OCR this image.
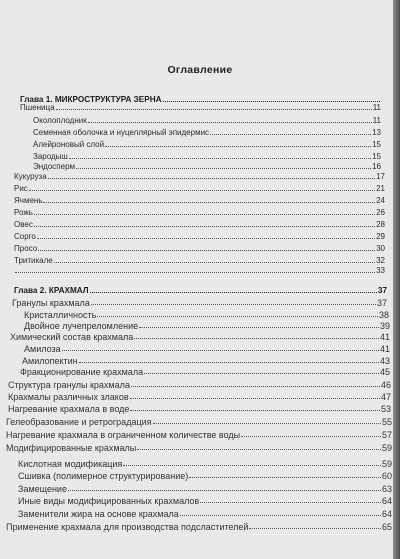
Оглавление
Глава 1. МИКРОСТРУКТУРА ЗЕРНА
Пшеница	11
Околоплодник	11
Семенная оболочка и нуцеллярный эпидермис	13
Алейроновый слой	15
Зародыш	15
Эндосперм	16
Кукуруза	17
Рис	21
Ячмень	24
Рожь	26
Овес	28
Сорго	29
Просо	30
Тритикале	32
33
Глава 2. КРАХМАЛ	37
Гранулы крахмала	37
Кристалличность	38
Двойное лучепреломление	39
Химический состав крахмала	41
Амилоза	41
Амилопектин	43
Фракционирование крахмала	45
Структура гранулы крахмала	46
Крахмалы различных злаков	47
Нагревание крахмала в воде	53
Гелеобразование и ретроградация	55
Нагревание крахмала в ограниченном количестве воды	57
Модифицированные крахмалы	59
Кислотная модификация	59
Сшивка (полимерное структурирование)	60
Замещение	63
Иные виды модифицированных крахмалов	64
Заменители жира на основе крахмала	64
Применение крахмала для производства подсластителей	65
